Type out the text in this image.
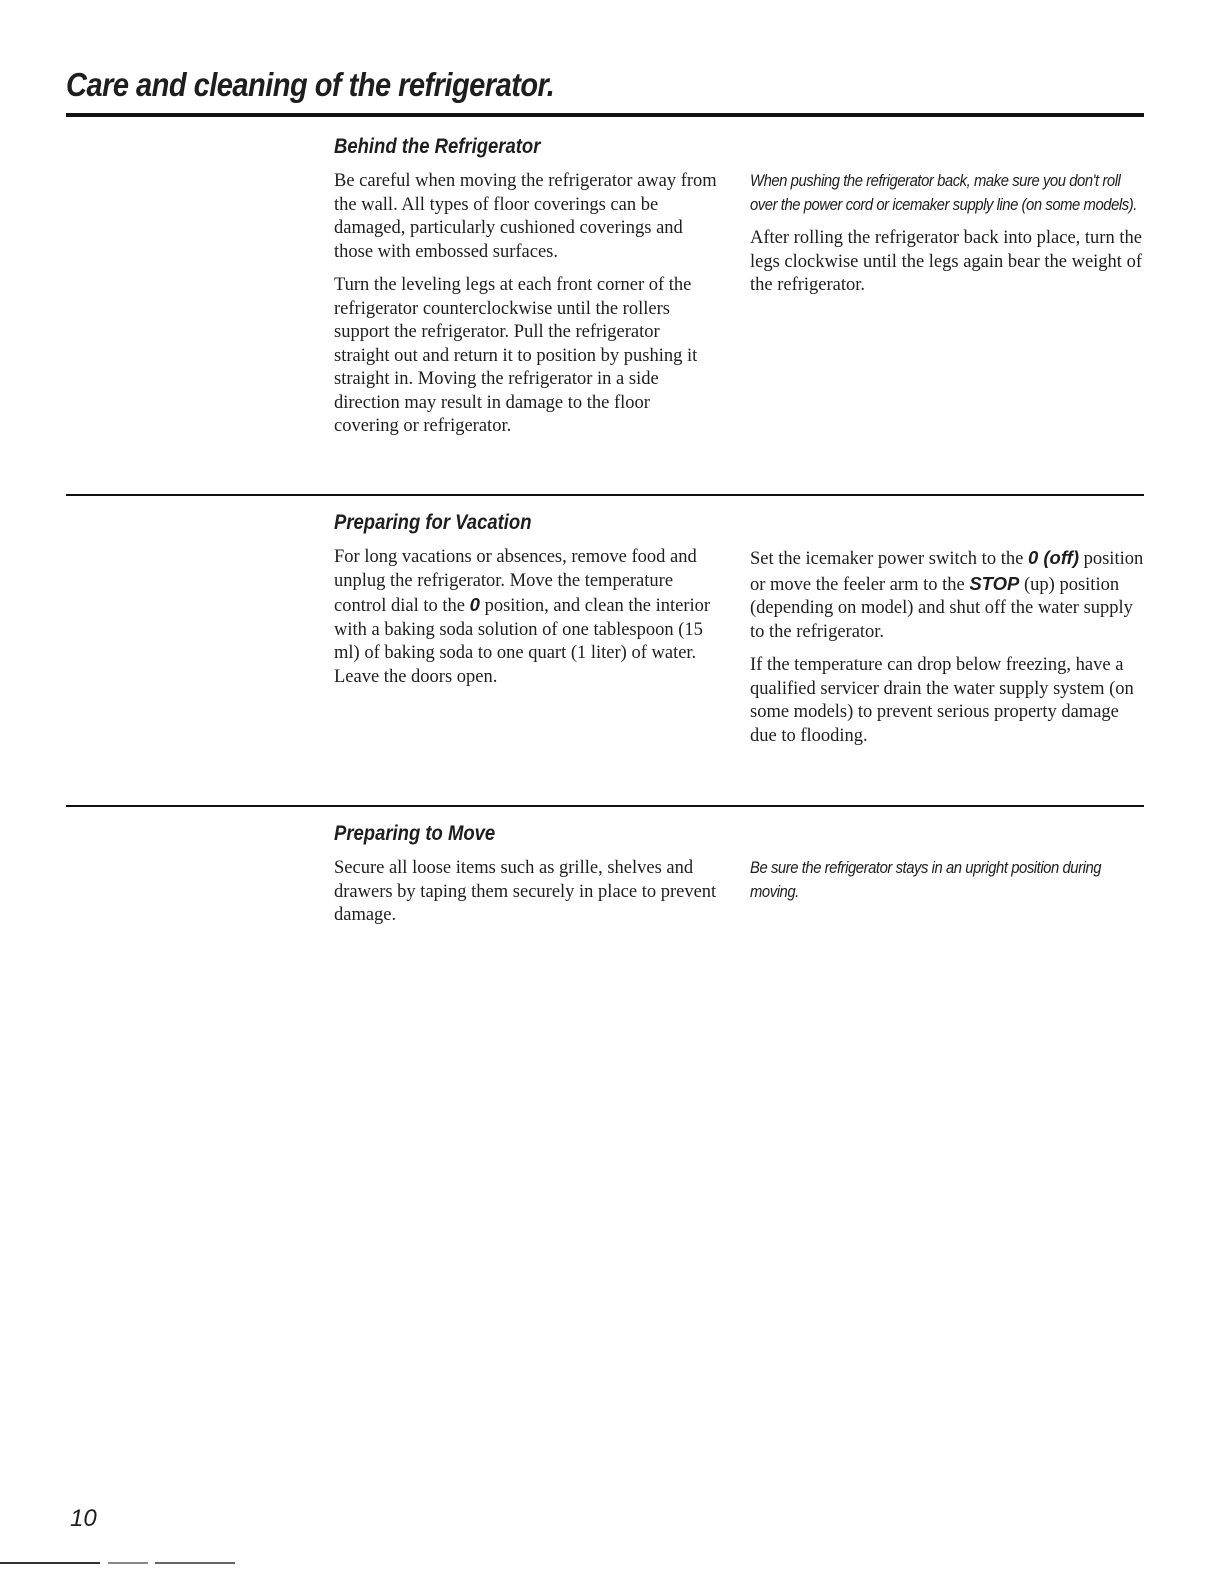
Care and cleaning of the refrigerator.
Behind the Refrigerator

Be careful when moving the refrigerator away from the wall. All types of floor coverings can be damaged, particularly cushioned coverings and those with embossed surfaces.

Turn the leveling legs at each front corner of the refrigerator counterclockwise until the rollers support the refrigerator. Pull the refrigerator straight out and return it to position by pushing it straight in. Moving the refrigerator in a side direction may result in damage to the floor covering or refrigerator.

When pushing the refrigerator back, make sure you don't roll over the power cord or icemaker supply line (on some models).

After rolling the refrigerator back into place, turn the legs clockwise until the legs again bear the weight of the refrigerator.

Preparing for Vacation

For long vacations or absences, remove food and unplug the refrigerator. Move the temperature control dial to the 0 position, and clean the interior with a baking soda solution of one tablespoon (15 ml) of baking soda to one quart (1 liter) of water. Leave the doors open.

Set the icemaker power switch to the 0 (off) position or move the feeler arm to the STOP (up) position (depending on model) and shut off the water supply to the refrigerator.

If the temperature can drop below freezing, have a qualified servicer drain the water supply system (on some models) to prevent serious property damage due to flooding.

Preparing to Move

Secure all loose items such as grille, shelves and drawers by taping them securely in place to prevent damage.

Be sure the refrigerator stays in an upright position during moving.

10
